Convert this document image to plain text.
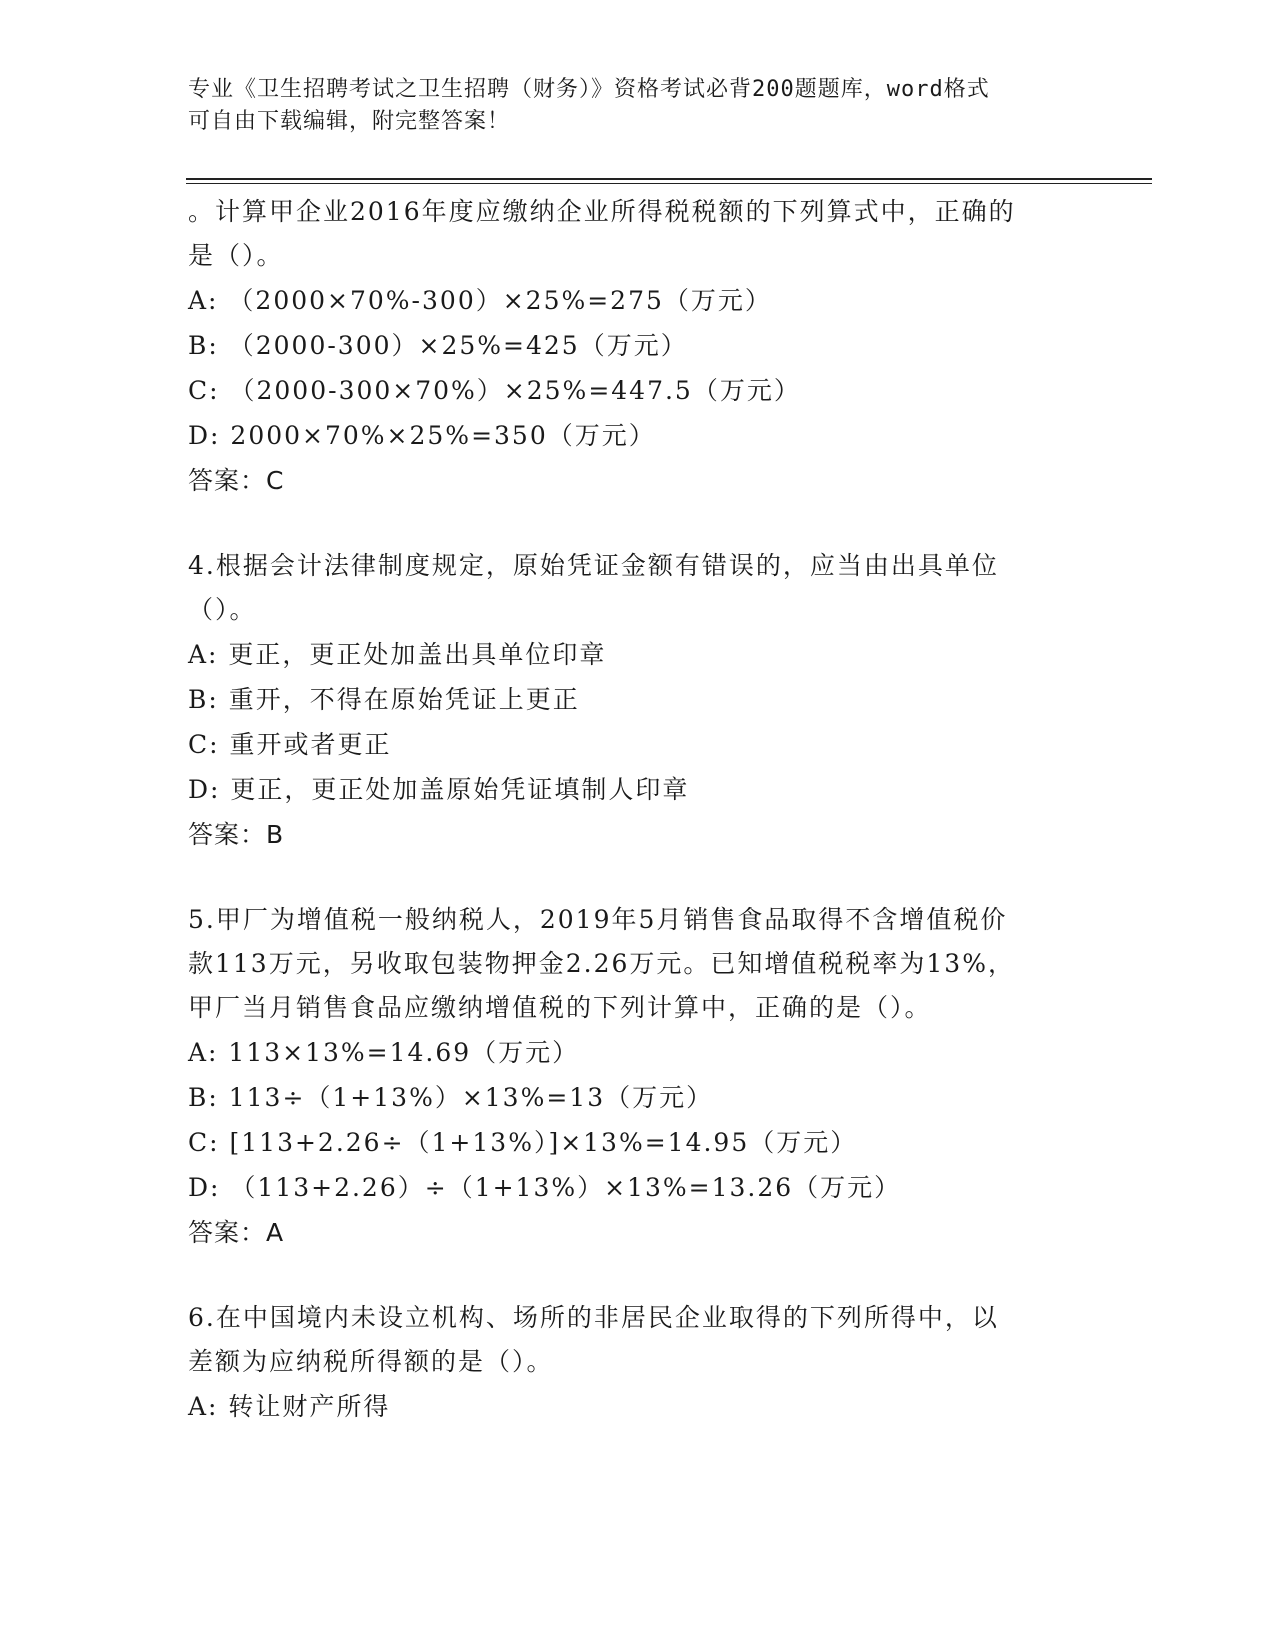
专业《卫生招聘考试之卫生招聘（财务）》资格考试必背200题题库，word格式
可自由下载编辑，附完整答案！
。计算甲企业2016年度应缴纳企业所得税税额的下列算式中，正确的
是（）。
A: （2000×70%-300）×25%=275（万元）
B: （2000-300）×25%=425（万元）
C: （2000-300×70%）×25%=447.5（万元）
D: 2000×70%×25%=350（万元）
答案：C
4.根据会计法律制度规定，原始凭证金额有错误的，应当由出具单位
（）。
A: 更正，更正处加盖出具单位印章
B: 重开，不得在原始凭证上更正
C: 重开或者更正
D: 更正，更正处加盖原始凭证填制人印章
答案：B
5.甲厂为增值税一般纳税人，2019年5月销售食品取得不含增值税价
款113万元，另收取包装物押金2.26万元。已知增值税税率为13%，
甲厂当月销售食品应缴纳增值税的下列计算中，正确的是（）。
A: 113×13%=14.69（万元）
B: 113÷（1+13%）×13%=13（万元）
C: [113+2.26÷（1+13%）]×13%=14.95（万元）
D: （113+2.26）÷（1+13%）×13%=13.26（万元）
答案：A
6.在中国境内未设立机构、场所的非居民企业取得的下列所得中，以
差额为应纳税所得额的是（）。
A: 转让财产所得
